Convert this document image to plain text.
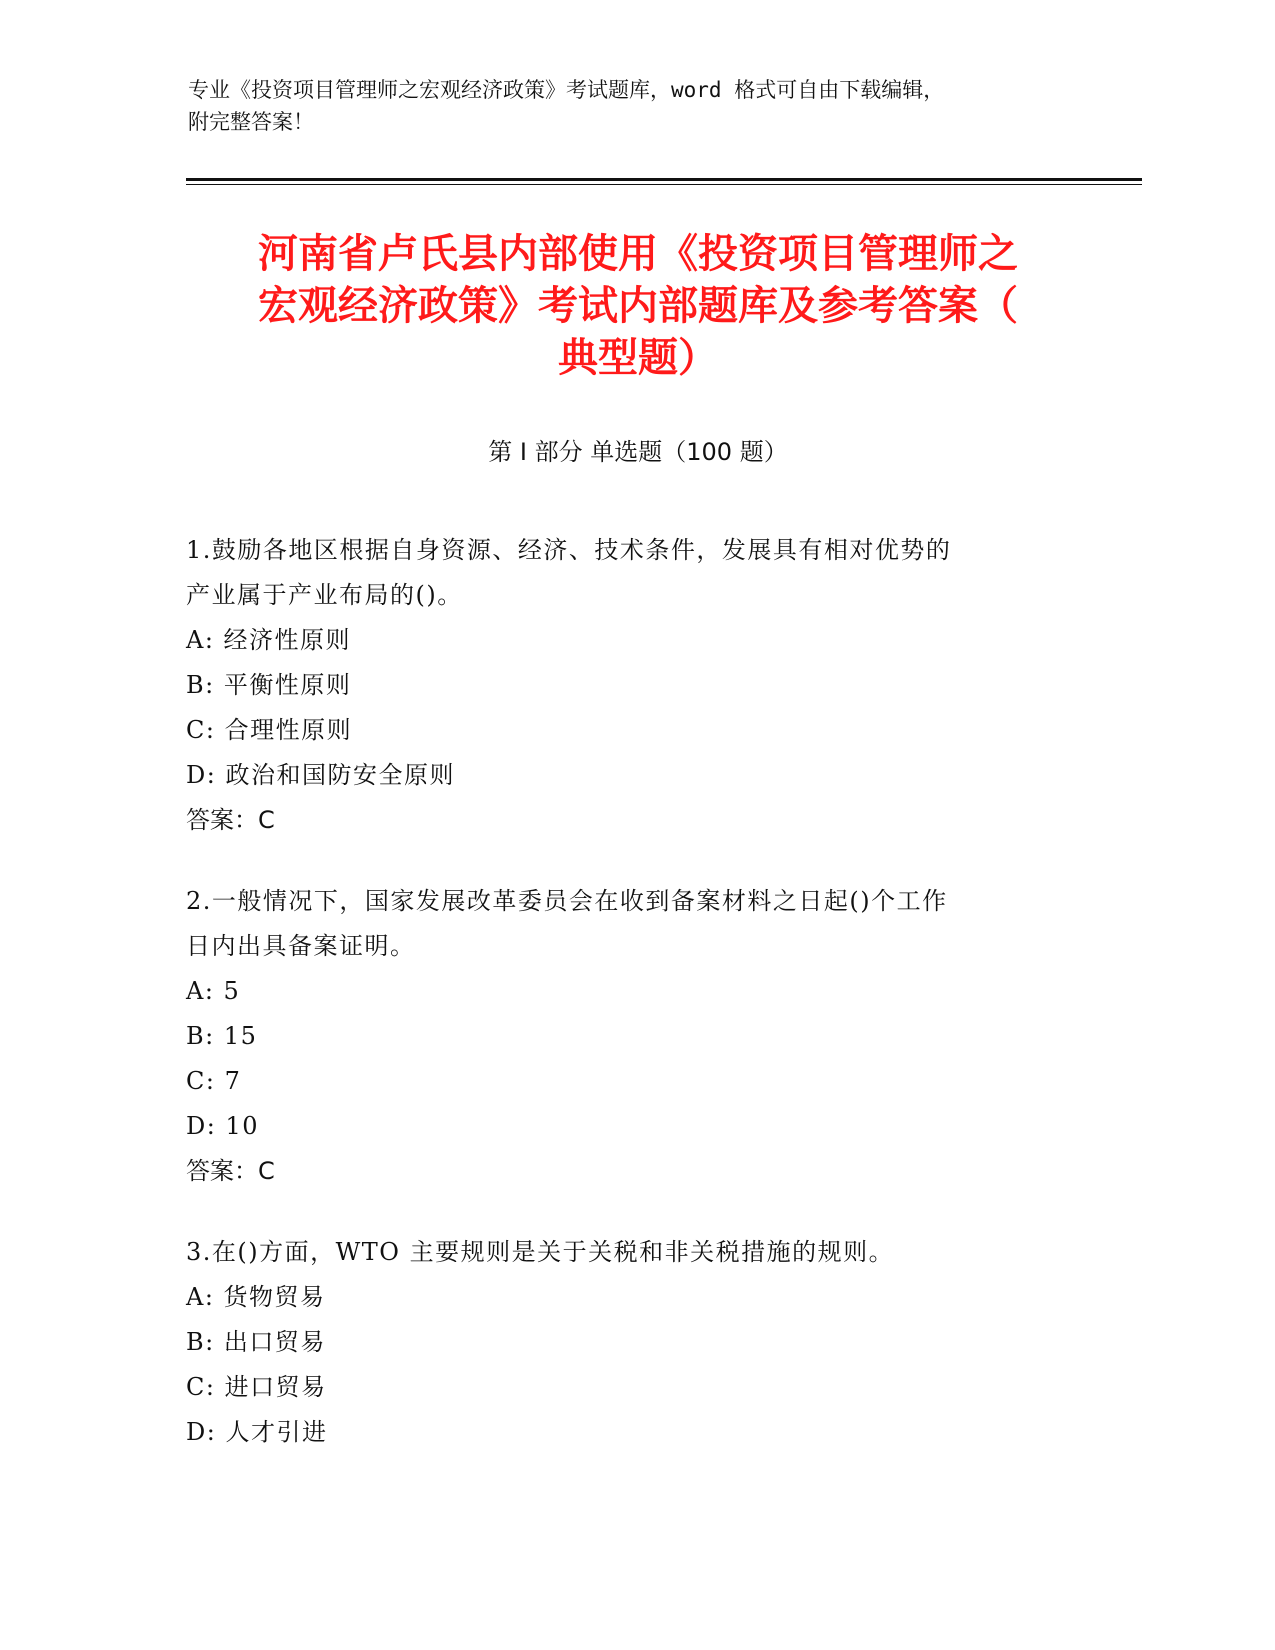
专业《投资项目管理师之宏观经济政策》考试题库，word 格式可自由下载编辑，
附完整答案！
河南省卢氏县内部使用《投资项目管理师之
宏观经济政策》考试内部题库及参考答案（
典型题）
第 I 部分 单选题（100 题）

1.鼓励各地区根据自身资源、经济、技术条件，发展具有相对优势的

产业属于产业布局的()。

A: 经济性原则

B: 平衡性原则

C: 合理性原则

D: 政治和国防安全原则

答案：C

2.一般情况下，国家发展改革委员会在收到备案材料之日起()个工作

日内出具备案证明。

A: 5

B: 15

C: 7

D: 10

答案：C

3.在()方面，WTO 主要规则是关于关税和非关税措施的规则。

A: 货物贸易

B: 出口贸易

C: 进口贸易

D: 人才引进
